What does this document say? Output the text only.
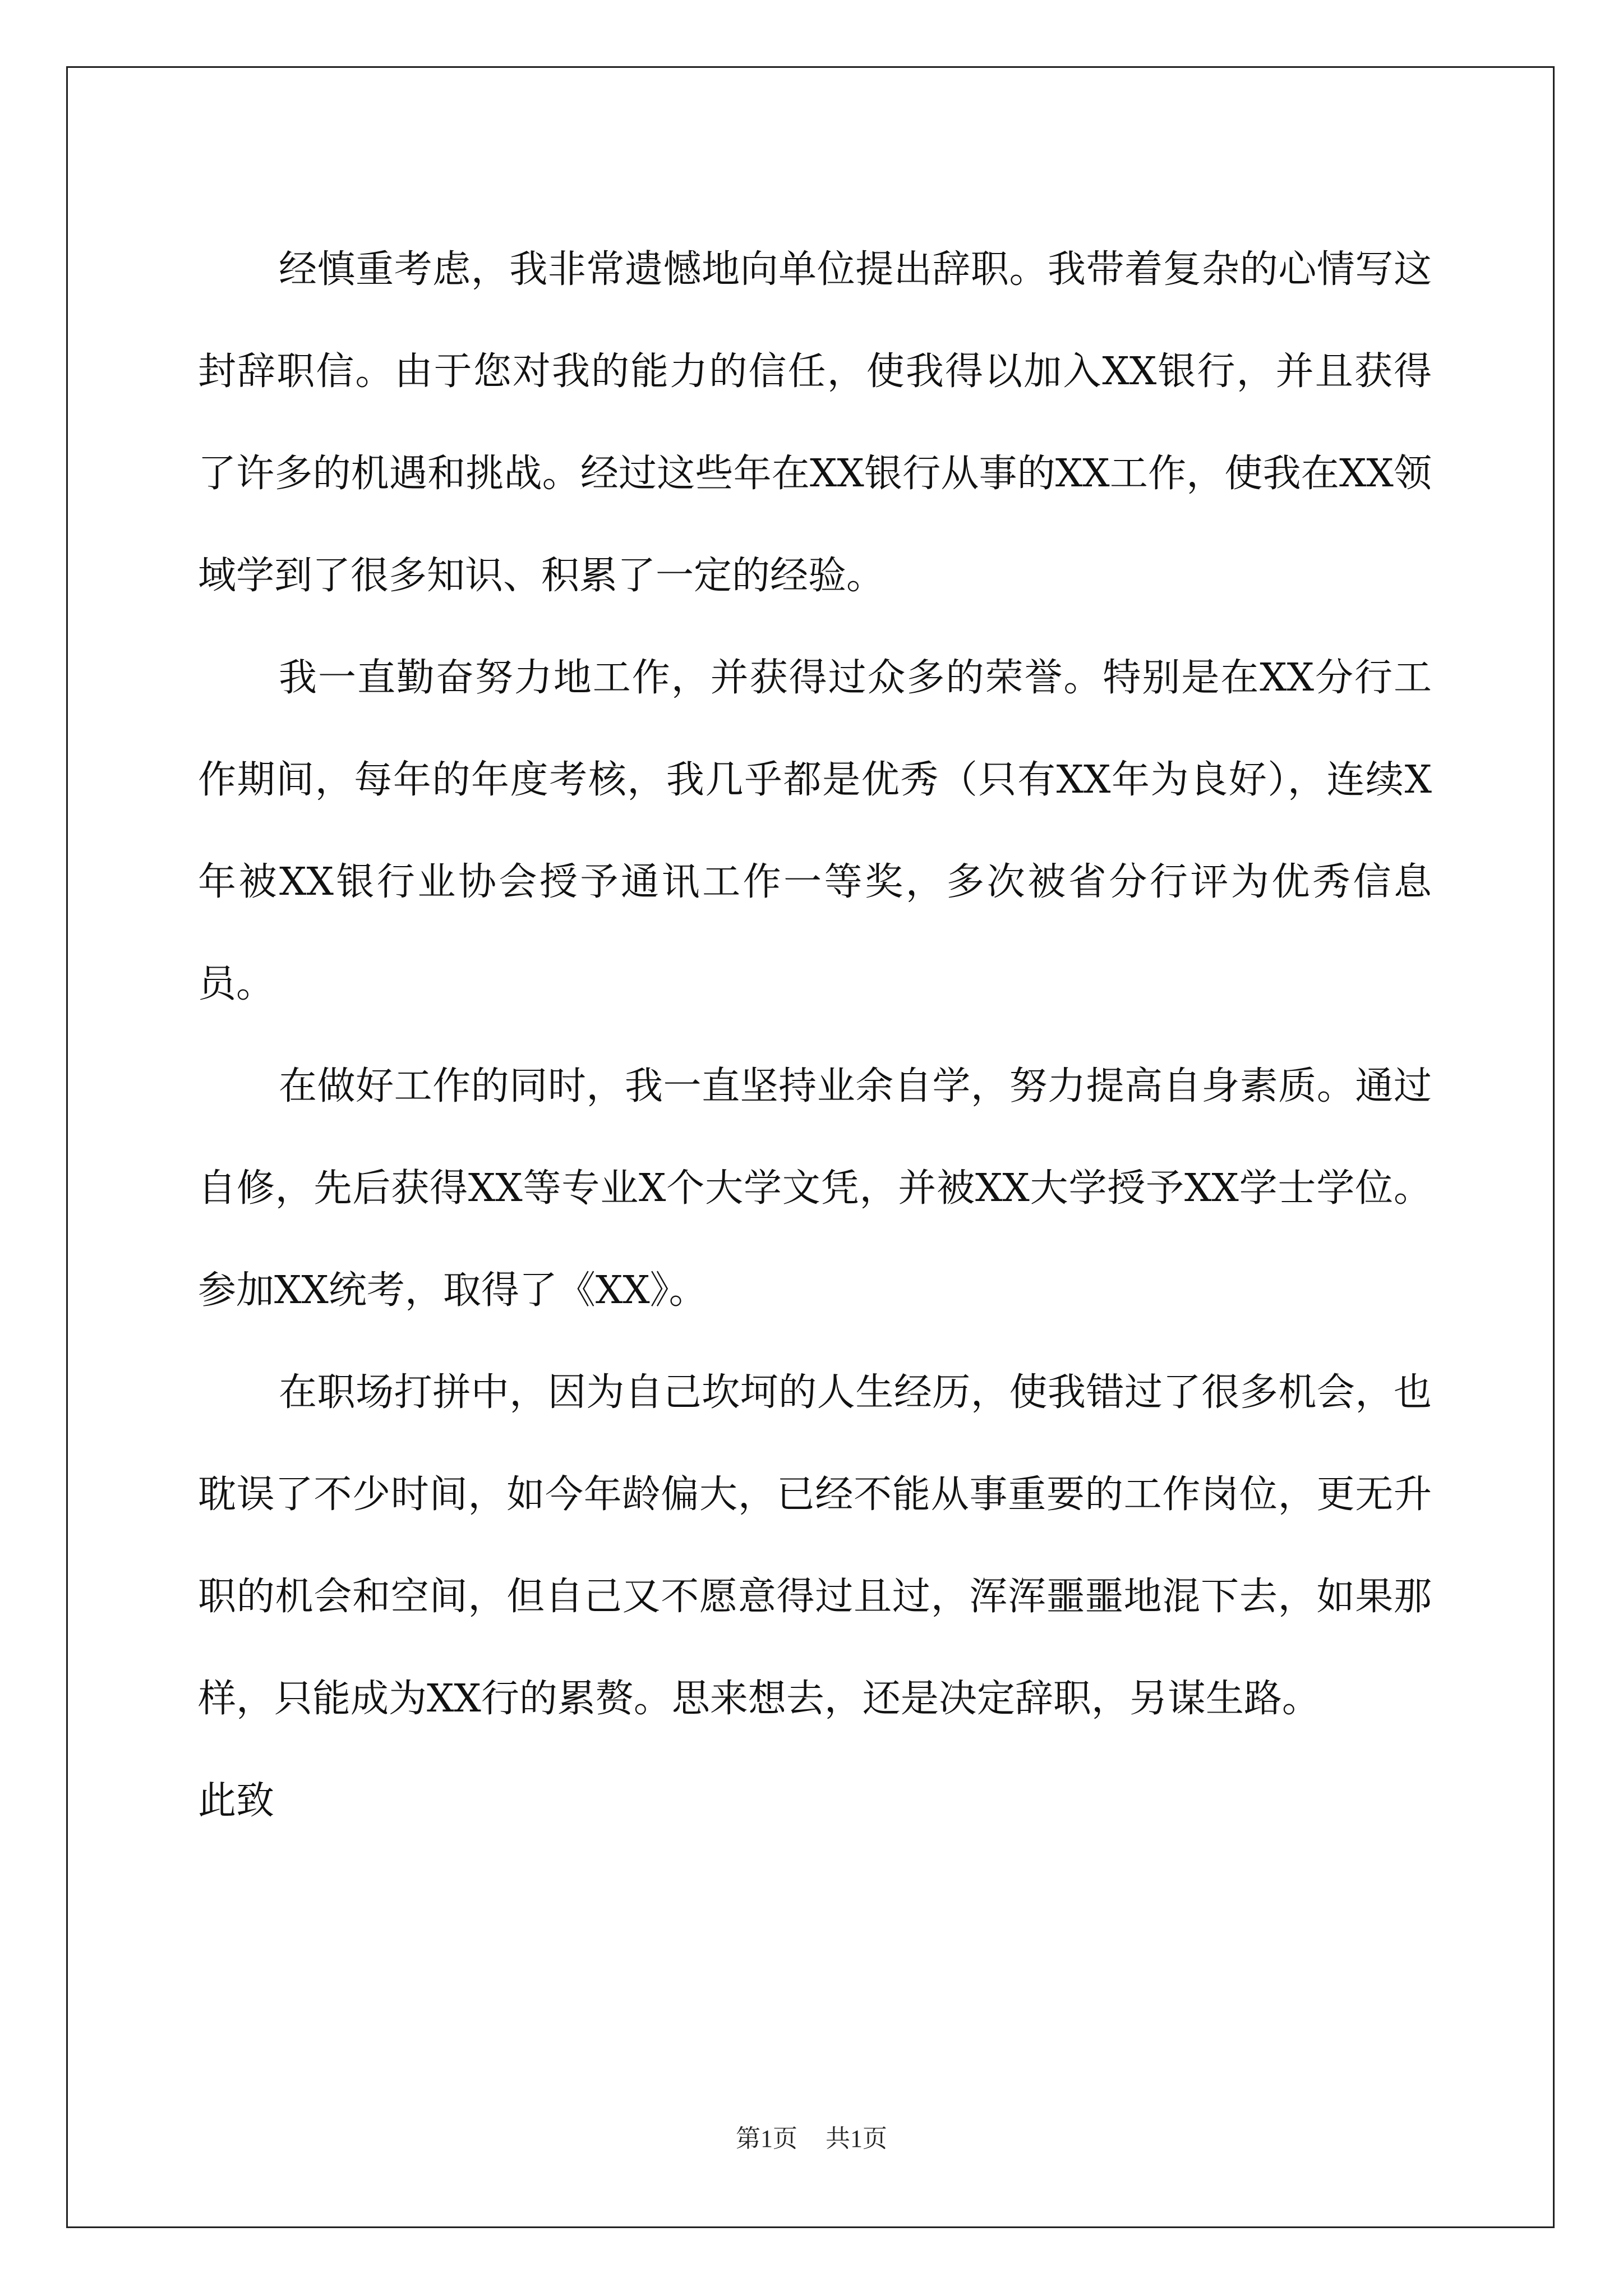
经慎重考虑，我非常遗憾地向单位提出辞职。我带着复杂的心情写这封辞职信。由于您对我的能力的信任，使我得以加入XX银行，并且获得了许多的机遇和挑战。经过这些年在XX银行从事的XX工作，使我在XX领域学到了很多知识、积累了一定的经验。

我一直勤奋努力地工作，并获得过众多的荣誉。特别是在XX分行工作期间，每年的年度考核，我几乎都是优秀（只有XX年为良好），连续X年被XX银行业协会授予通讯工作一等奖，多次被省分行评为优秀信息员。

在做好工作的同时，我一直坚持业余自学，努力提高自身素质。通过自修，先后获得XX等专业X个大学文凭，并被XX大学授予XX学士学位。参加XX统考，取得了《XX》。

在职场打拼中，因为自己坎坷的人生经历，使我错过了很多机会，也耽误了不少时间，如今年龄偏大，已经不能从事重要的工作岗位，更无升职的机会和空间，但自己又不愿意得过且过，浑浑噩噩地混下去，如果那样，只能成为XX行的累赘。思来想去，还是决定辞职，另谋生路。

此致

第1页 共1页
